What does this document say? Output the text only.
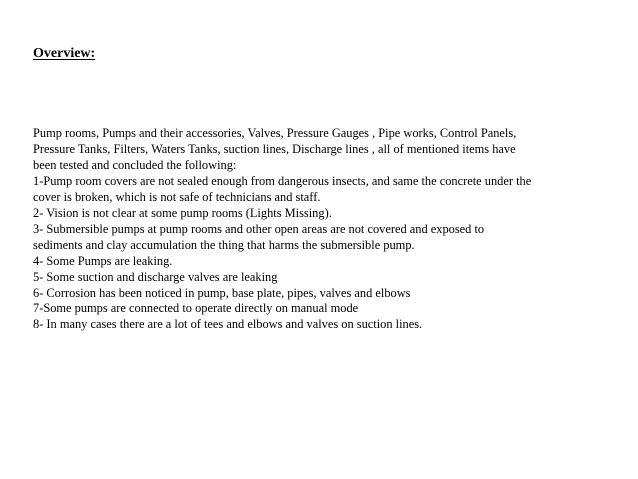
Overview:
Pump rooms, Pumps and their accessories, Valves, Pressure Gauges , Pipe works, Control Panels,
Pressure Tanks, Filters, Waters Tanks, suction lines, Discharge lines , all of mentioned items have
been tested and concluded the following:
1-Pump room covers are not sealed enough from dangerous insects, and same the concrete under the
cover is broken, which is not safe of technicians and staff.
2- Vision is not clear at some pump rooms (Lights Missing).
3- Submersible pumps at pump rooms and other open areas are not covered and exposed to
sediments and clay accumulation the thing that harms the submersible pump.
4- Some Pumps are leaking.
5- Some suction and discharge valves are leaking
6- Corrosion has been noticed in pump, base plate, pipes, valves and elbows
7-Some pumps are connected to operate directly on manual mode
8- In many cases there are a lot of tees and elbows and valves on suction lines.
